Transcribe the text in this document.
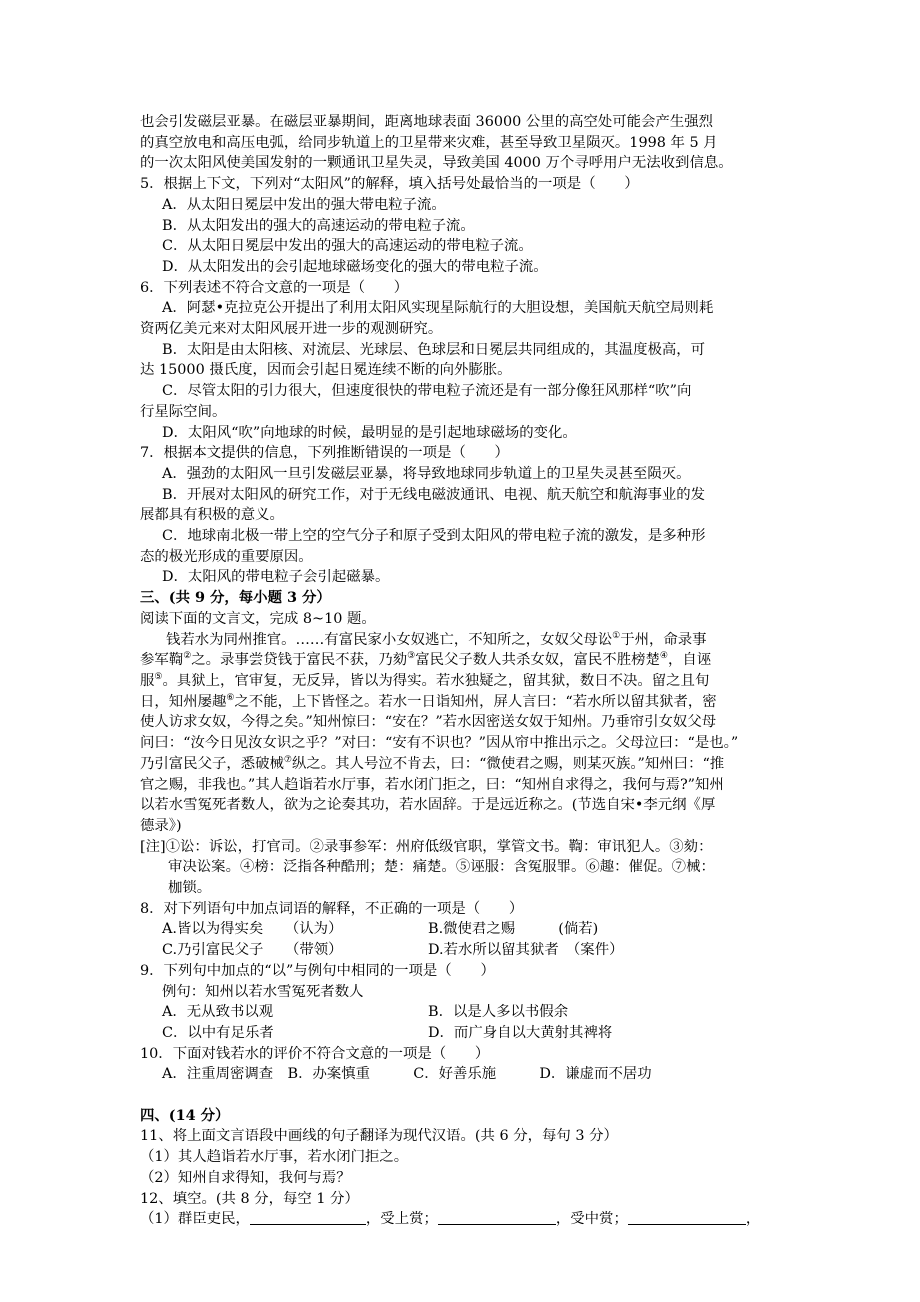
也会引发磁层亚暴。在磁层亚暴期间，距离地球表面 36000 公里的高空处可能会产生强烈
的真空放电和高压电弧，给同步轨道上的卫星带来灾难，甚至导致卫星陨灭。1998 年 5 月
的一次太阳风使美国发射的一颗通讯卫星失灵，导致美国 4000 万个寻呼用户无法收到信息。
5．根据上下文，下列对“太阳风”的解释，填入括号处最恰当的一项是（　　）
A．从太阳日冕层中发出的强大带电粒子流。
B．从太阳发出的强大的高速运动的带电粒子流。
C．从太阳日冕层中发出的强大的高速运动的带电粒子流。
D．从太阳发出的会引起地球磁场变化的强大的带电粒子流。
6．下列表述不符合文意的一项是（　　）
A．阿瑟•克拉克公开提出了利用太阳风实现星际航行的大胆设想，美国航天航空局则耗
资两亿美元来对太阳风展开进一步的观测研究。
B．太阳是由太阳核、对流层、光球层、色球层和日冕层共同组成的，其温度极高，可
达 15000 摄氏度，因而会引起日冕连续不断的向外膨胀。
C．尽管太阳的引力很大，但速度很快的带电粒子流还是有一部分像狂风那样“吹”向
行星际空间。
D．太阳风“吹”向地球的时候，最明显的是引起地球磁场的变化。
7．根据本文提供的信息，下列推断错误的一项是（　　）
A．强劲的太阳风一旦引发磁层亚暴，将导致地球同步轨道上的卫星失灵甚至陨灭。
B．开展对太阳风的研究工作，对于无线电磁波通讯、电视、航天航空和航海事业的发
展都具有积极的意义。
C．地球南北极一带上空的空气分子和原子受到太阳风的带电粒子流的激发，是多种形
态的极光形成的重要原因。
D．太阳风的带电粒子会引起磁暴。
三、(共 9 分，每小题 3 分）
阅读下面的文言文，完成 8~10 题。
钱若水为同州推官。……有富民家小女奴逃亡，不知所之，女奴父母讼①于州，命录事
参军鞫②之。录事尝贷钱于富民不获，乃劾③富民父子数人共杀女奴，富民不胜榜楚④，自诬
服⑤。具狱上，官审复，无反异，皆以为得实。若水独疑之，留其狱，数日不决。留之且旬
日，知州屡趣⑥之不能，上下皆怪之。若水一日诣知州，屏人言曰：“若水所以留其狱者，密
使人访求女奴，今得之矣。”知州惊曰：“安在？”若水因密送女奴于知州。乃垂帘引女奴父母
问曰：“汝今日见汝女识之乎？”对曰：“安有不识也？”因从帘中推出示之。父母泣曰：“是也。”
乃引富民父子，悉破械⑦纵之。其人号泣不肯去，曰：“微使君之赐，则某灭族。”知州曰：“推
官之赐，非我也。”其人趋诣若水厅事，若水闭门拒之，曰：“知州自求得之，我何与焉?”知州
以若水雪冤死者数人，欲为之论奏其功，若水固辞。于是远近称之。(节选自宋•李元纲《厚
德录》)
[注]①讼：诉讼，打官司。②录事参军：州府低级官职，掌管文书。鞫：审讯犯人。③劾：
审决讼案。④榜：泛指各种酷刑；楚：痛楚。⑤诬服：含冤服罪。⑥趣：催促。⑦械：
枷锁。
8．对下列语句中加点词语的解释，不正确的一项是（　　）
A.皆以为得实矣　　（认为）	B.微使君之赐　　　(倘若)
C.乃引富民父子　　（带领）	D.若水所以留其狱者　（案件）
9．下列句中加点的“以”与例句中相同的一项是（　　）
例句：知州以若水雪冤死者数人
A．无从致书以观	B．以是人多以书假余
C．以中有足乐者	D．而广身自以大黄射其裨将
10．下面对钱若水的评价不符合文意的一项是（　　）
A．注重周密调查　B．办案慎重　　　C．好善乐施　　　D．谦虚而不居功
四、(14 分）
11、将上面文言语段中画线的句子翻译为现代汉语。(共 6 分，每句 3 分）
（1）其人趋诣若水厅事，若水闭门拒之。
（2）知州自求得知，我何与焉？
12、填空。(共 8 分，每空 1 分）
（1）群臣吏民，	，受上赏；	，受中赏；	，
